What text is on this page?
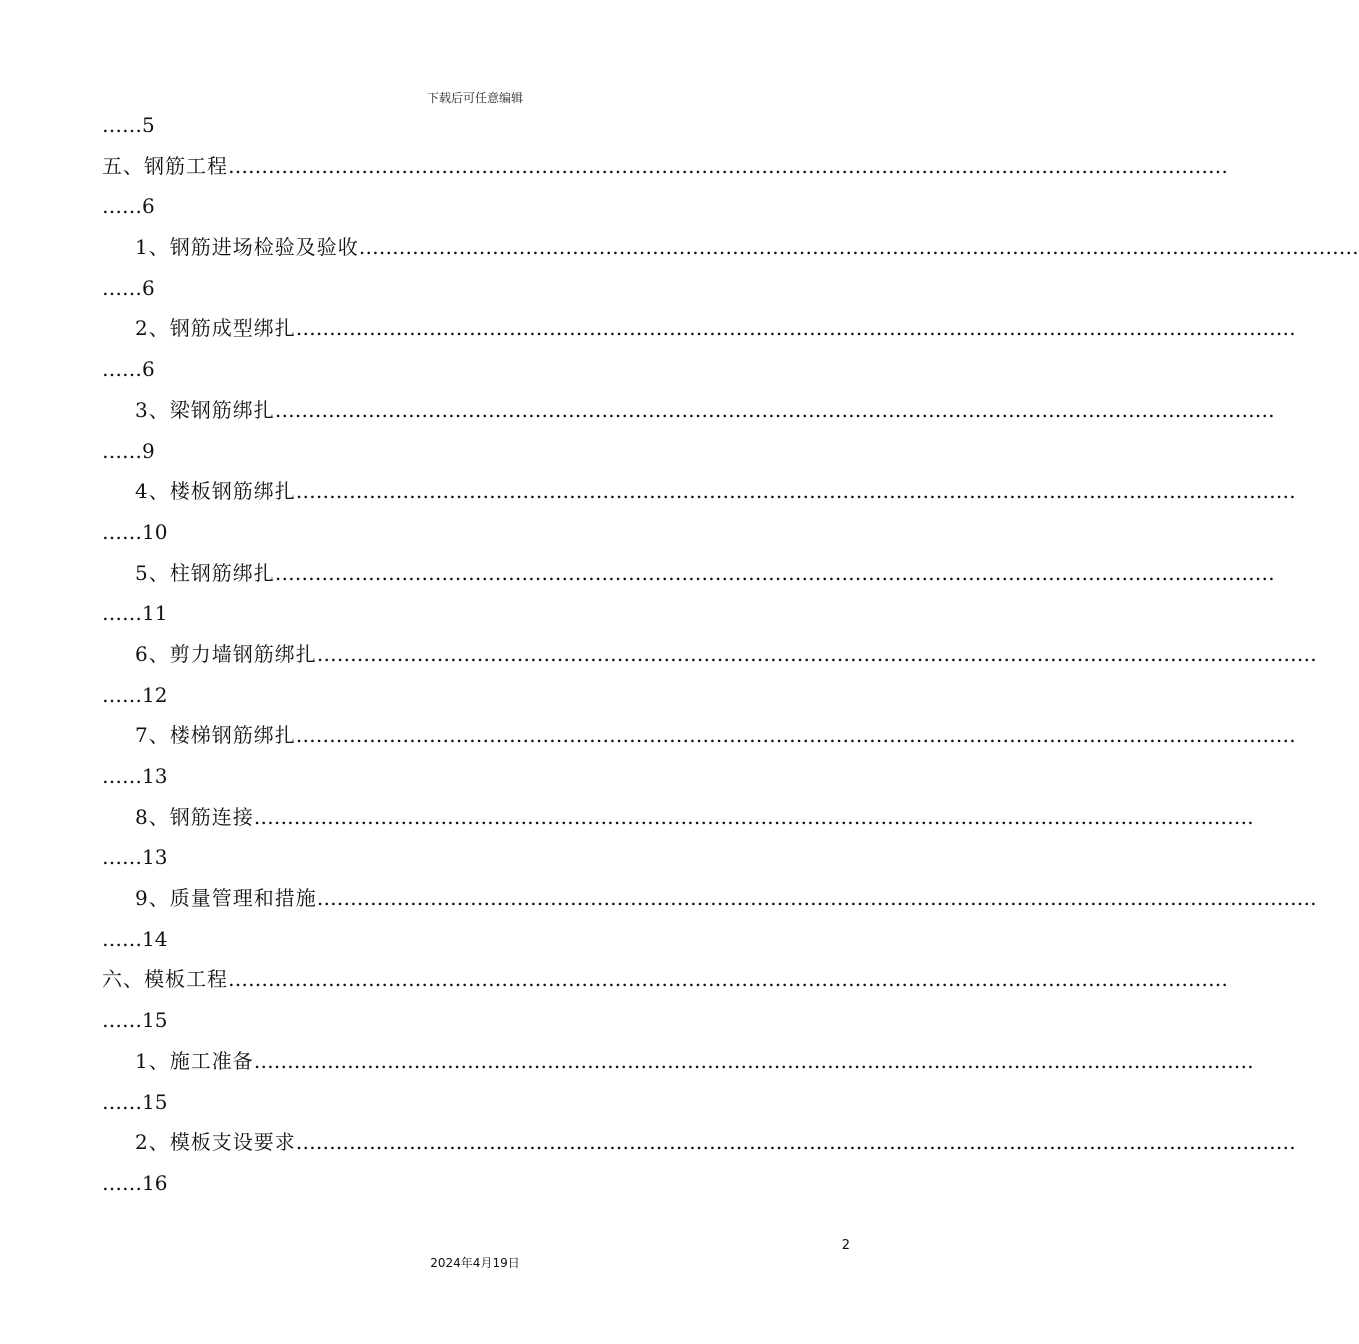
下载后可任意编辑
……5
五、钢筋工程 ……………………………………………………………………………………………………………………………………
……6
1、钢筋进场检验及验收 ……………………………………………………………………………………………………………………………………
……6
2、钢筋成型绑扎 ……………………………………………………………………………………………………………………………………
……6
3、梁钢筋绑扎 ……………………………………………………………………………………………………………………………………
……9
4、楼板钢筋绑扎 ……………………………………………………………………………………………………………………………………
……10
5、柱钢筋绑扎 ……………………………………………………………………………………………………………………………………
……11
6、剪力墙钢筋绑扎 ……………………………………………………………………………………………………………………………………
……12
7、楼梯钢筋绑扎 ……………………………………………………………………………………………………………………………………
……13
8、钢筋连接 ……………………………………………………………………………………………………………………………………
……13
9、质量管理和措施 ……………………………………………………………………………………………………………………………………
……14
六、模板工程 ……………………………………………………………………………………………………………………………………
……15
1、施工准备 ……………………………………………………………………………………………………………………………………
……15
2、模板支设要求 ……………………………………………………………………………………………………………………………………
……16
2
2024年4月19日
